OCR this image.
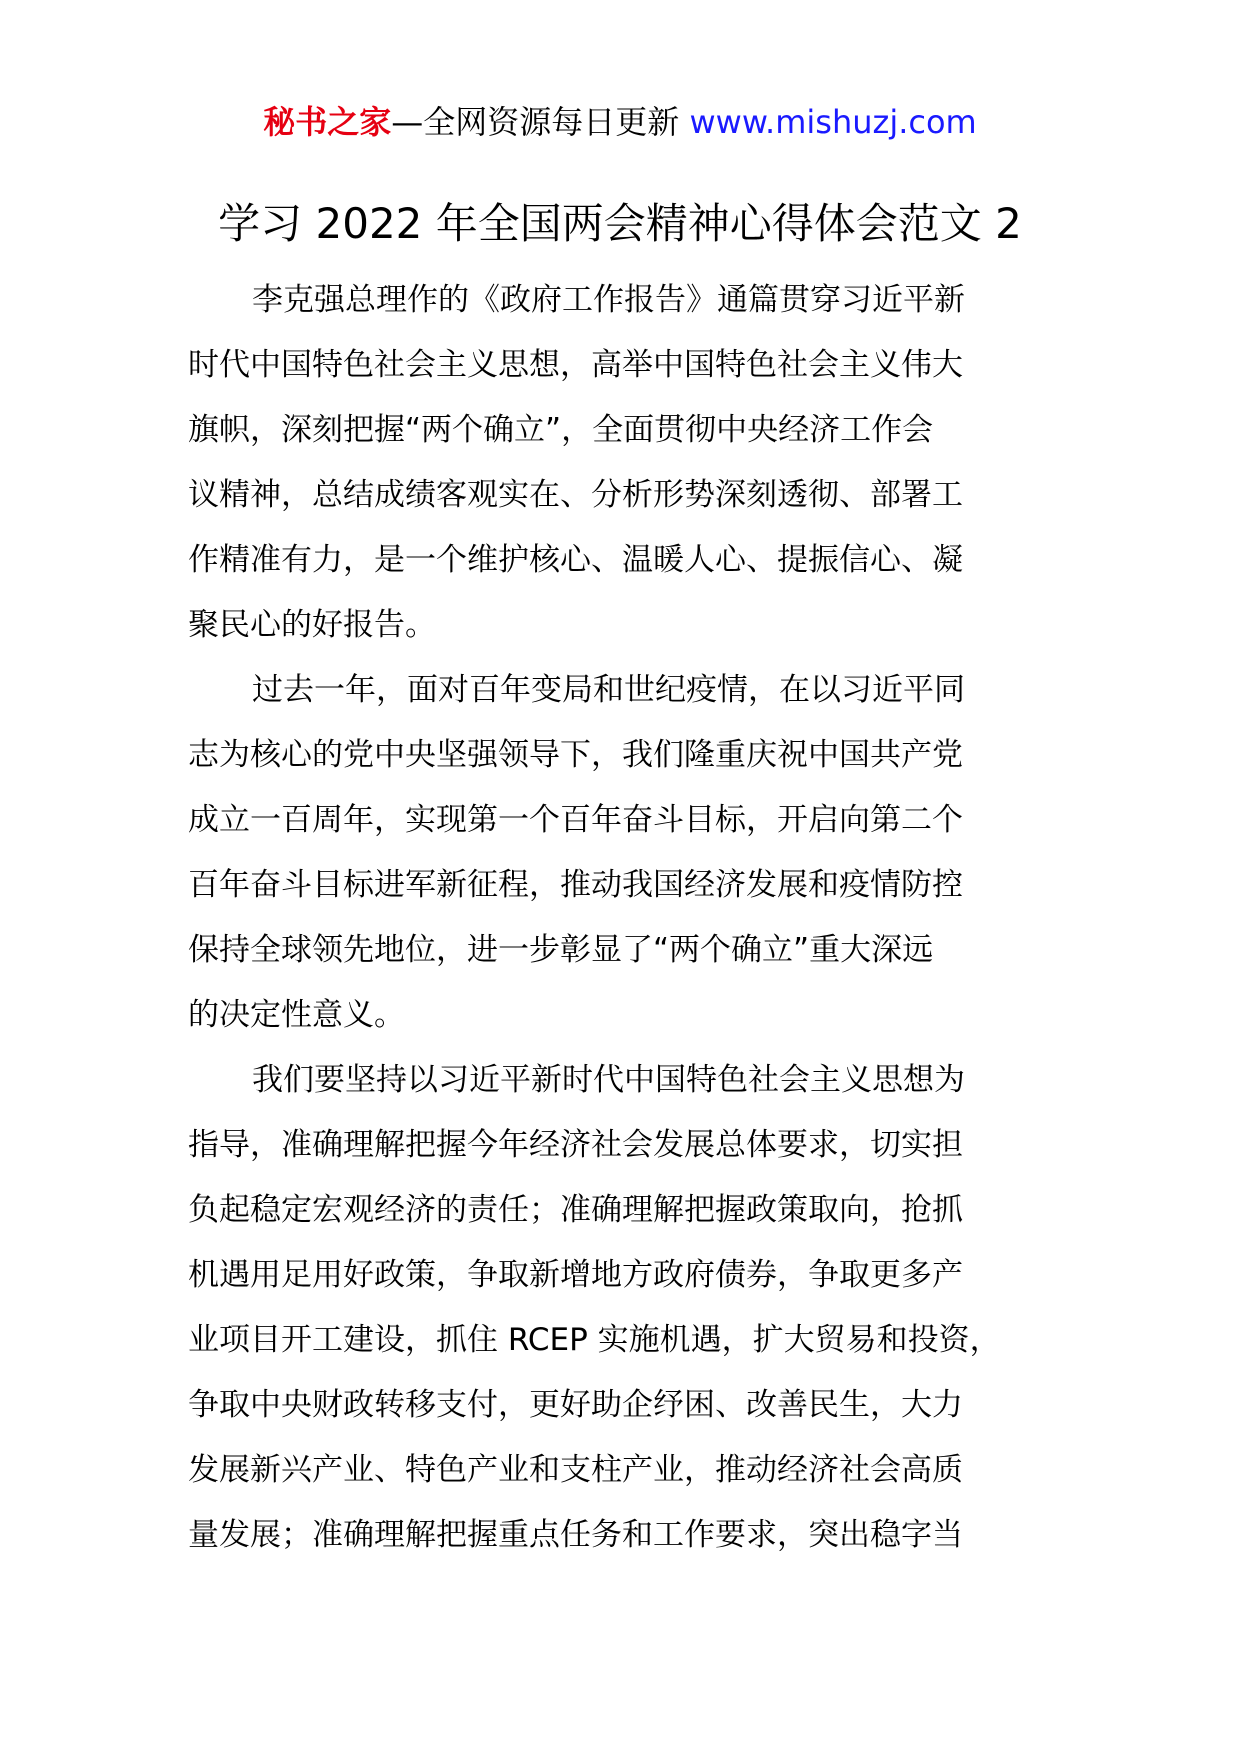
秘书之家—全网资源每日更新 www.mishuzj.com
学习 2022 年全国两会精神心得体会范文 2
李克强总理作的《政府工作报告》通篇贯穿习近平新
时代中国特色社会主义思想，高举中国特色社会主义伟大
旗帜，深刻把握“两个确立”，全面贯彻中央经济工作会
议精神，总结成绩客观实在、分析形势深刻透彻、部署工
作精准有力，是一个维护核心、温暖人心、提振信心、凝
聚民心的好报告。
过去一年，面对百年变局和世纪疫情，在以习近平同
志为核心的党中央坚强领导下，我们隆重庆祝中国共产党
成立一百周年，实现第一个百年奋斗目标，开启向第二个
百年奋斗目标进军新征程，推动我国经济发展和疫情防控
保持全球领先地位，进一步彰显了“两个确立”重大深远
的决定性意义。
我们要坚持以习近平新时代中国特色社会主义思想为
指导，准确理解把握今年经济社会发展总体要求，切实担
负起稳定宏观经济的责任；准确理解把握政策取向，抢抓
机遇用足用好政策，争取新增地方政府债券，争取更多产
业项目开工建设，抓住 RCEP 实施机遇，扩大贸易和投资，
争取中央财政转移支付，更好助企纾困、改善民生，大力
发展新兴产业、特色产业和支柱产业，推动经济社会高质
量发展；准确理解把握重点任务和工作要求，突出稳字当
